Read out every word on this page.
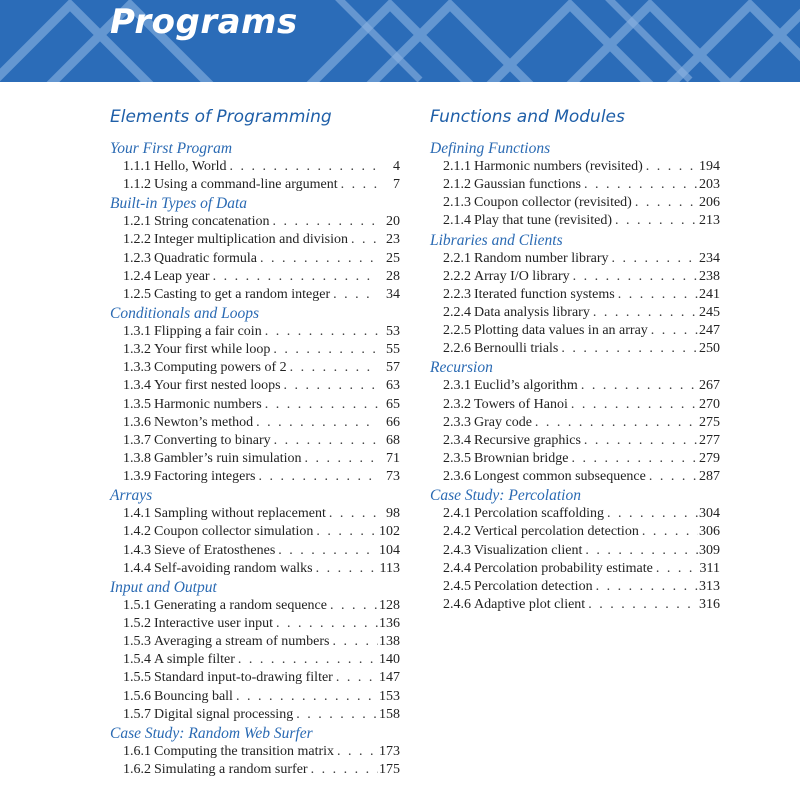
Programs
Elements of Programming
Your First Program
1.1.1 Hello, World . . .	4
1.1.2 Using a command-line argument . . .	7
Built-in Types of Data
1.2.1 String concatenation . . .	20
1.2.2 Integer multiplication and division . . .	23
1.2.3 Quadratic formula . . .	25
1.2.4 Leap year . . .	28
1.2.5 Casting to get a random integer . . .	34
Conditionals and Loops
1.3.1 Flipping a fair coin . . .	53
1.3.2 Your first while loop . . .	55
1.3.3 Computing powers of 2 . . .	57
1.3.4 Your first nested loops . . .	63
1.3.5 Harmonic numbers . . .	65
1.3.6 Newton’s method . . .	66
1.3.7 Converting to binary . . .	68
1.3.8 Gambler’s ruin simulation . . .	71
1.3.9 Factoring integers . . .	73
Arrays
1.4.1 Sampling without replacement . . .	98
1.4.2 Coupon collector simulation . . .	102
1.4.3 Sieve of Eratosthenes . . .	104
1.4.4 Self-avoiding random walks . . .	113
Input and Output
1.5.1 Generating a random sequence . . .	128
1.5.2 Interactive user input . . .	136
1.5.3 Averaging a stream of numbers . . .	138
1.5.4 A simple filter . . .	140
1.5.5 Standard input-to-drawing filter . . .	147
1.5.6 Bouncing ball . . .	153
1.5.7 Digital signal processing . . .	158
Case Study: Random Web Surfer
1.6.1 Computing the transition matrix . . .	173
1.6.2 Simulating a random surfer . . .	175
Functions and Modules
Defining Functions
2.1.1 Harmonic numbers (revisited) . . .	194
2.1.2 Gaussian functions . . .	203
2.1.3 Coupon collector (revisited) . . .	206
2.1.4 Play that tune (revisited) . . .	213
Libraries and Clients
2.2.1 Random number library . . .	234
2.2.2 Array I/O library . . .	238
2.2.3 Iterated function systems . . .	241
2.2.4 Data analysis library . . .	245
2.2.5 Plotting data values in an array . . .	247
2.2.6 Bernoulli trials . . .	250
Recursion
2.3.1 Euclid’s algorithm . . .	267
2.3.2 Towers of Hanoi . . .	270
2.3.3 Gray code . . .	275
2.3.4 Recursive graphics . . .	277
2.3.5 Brownian bridge . . .	279
2.3.6 Longest common subsequence . . .	287
Case Study: Percolation
2.4.1 Percolation scaffolding . . .	304
2.4.2 Vertical percolation detection . . .	306
2.4.3 Visualization client . . .	309
2.4.4 Percolation probability estimate . . .	311
2.4.5 Percolation detection . . .	313
2.4.6 Adaptive plot client . . .	316
